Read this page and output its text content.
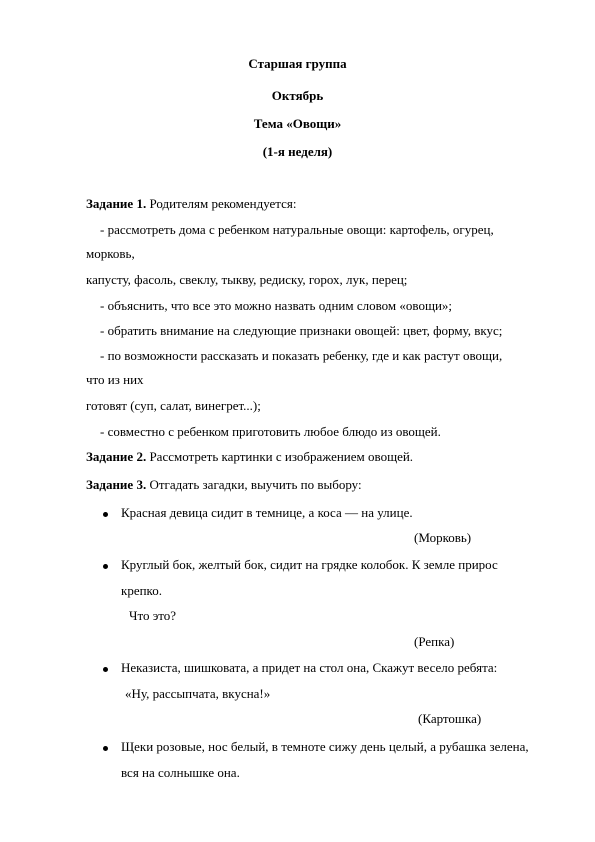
Старшая группа
Октябрь
Тема «Овощи»
(1-я неделя)
Задание 1. Родителям рекомендуется:
- рассмотреть дома с ребенком натуральные овощи: картофель, огурец,
морковь,
капусту, фасоль, свеклу, тыкву, редиску, горох, лук, перец;
- объяснить, что все это можно назвать одним словом «овощи»;
- обратить внимание на следующие признаки овощей: цвет, форму, вкус;
- по возможности рассказать и показать ребенку, где и как растут овощи,
что из них
готовят (суп, салат, винегрет...);
- совместно с ребенком приготовить любое блюдо из овощей.
Задание 2. Рассмотреть картинки с изображением овощей.
Задание 3. Отгадать загадки, выучить по выбору:
Красная девица сидит в темнице, а коса — на улице.
(Морковь)
Круглый бок, желтый бок, сидит на грядке колобок. К земле прирос
крепко.
Что это?
(Репка)
Неказиста, шишковата, а придет на стол она, Скажут весело ребята:
«Ну, рассыпчата, вкусна!»
(Картошка)
Щеки розовые, нос белый, в темноте сижу день целый, а рубашка зелена,
вся на солнышке она.
